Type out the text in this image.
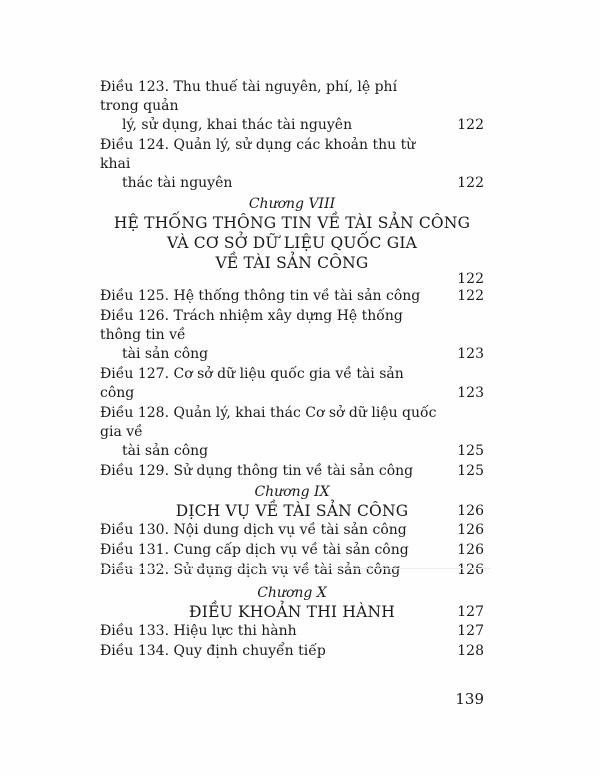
Điều 123. Thu thuế tài nguyên, phí, lệ phí trong quản
lý, sử dụng, khai thác tài nguyên	122
Điều 124. Quản lý, sử dụng các khoản thu từ khai
thác tài nguyên	122
Chương VIII
HỆ THỐNG THÔNG TIN VỀ TÀI SẢN CÔNG
VÀ CƠ SỞ DỮ LIỆU QUỐC GIA
VỀ TÀI SẢN CÔNG
122
Điều 125. Hệ thống thông tin về tài sản công	122
Điều 126. Trách nhiệm xây dựng Hệ thống thông tin về
tài sản công	123
Điều 127. Cơ sở dữ liệu quốc gia về tài sản công	123
Điều 128. Quản lý, khai thác Cơ sở dữ liệu quốc gia về
tài sản công	125
Điều 129. Sử dụng thông tin về tài sản công	125
Chương IX
DỊCH VỤ VỀ TÀI SẢN CÔNG	126
Điều 130. Nội dung dịch vụ về tài sản công	126
Điều 131. Cung cấp dịch vụ về tài sản công	126
Điều 132. Sử dụng dịch vụ về tài sản công	126
Chương X
ĐIỀU KHOẢN THI HÀNH	127
Điều 133. Hiệu lực thi hành	127
Điều 134. Quy định chuyển tiếp	128
139
